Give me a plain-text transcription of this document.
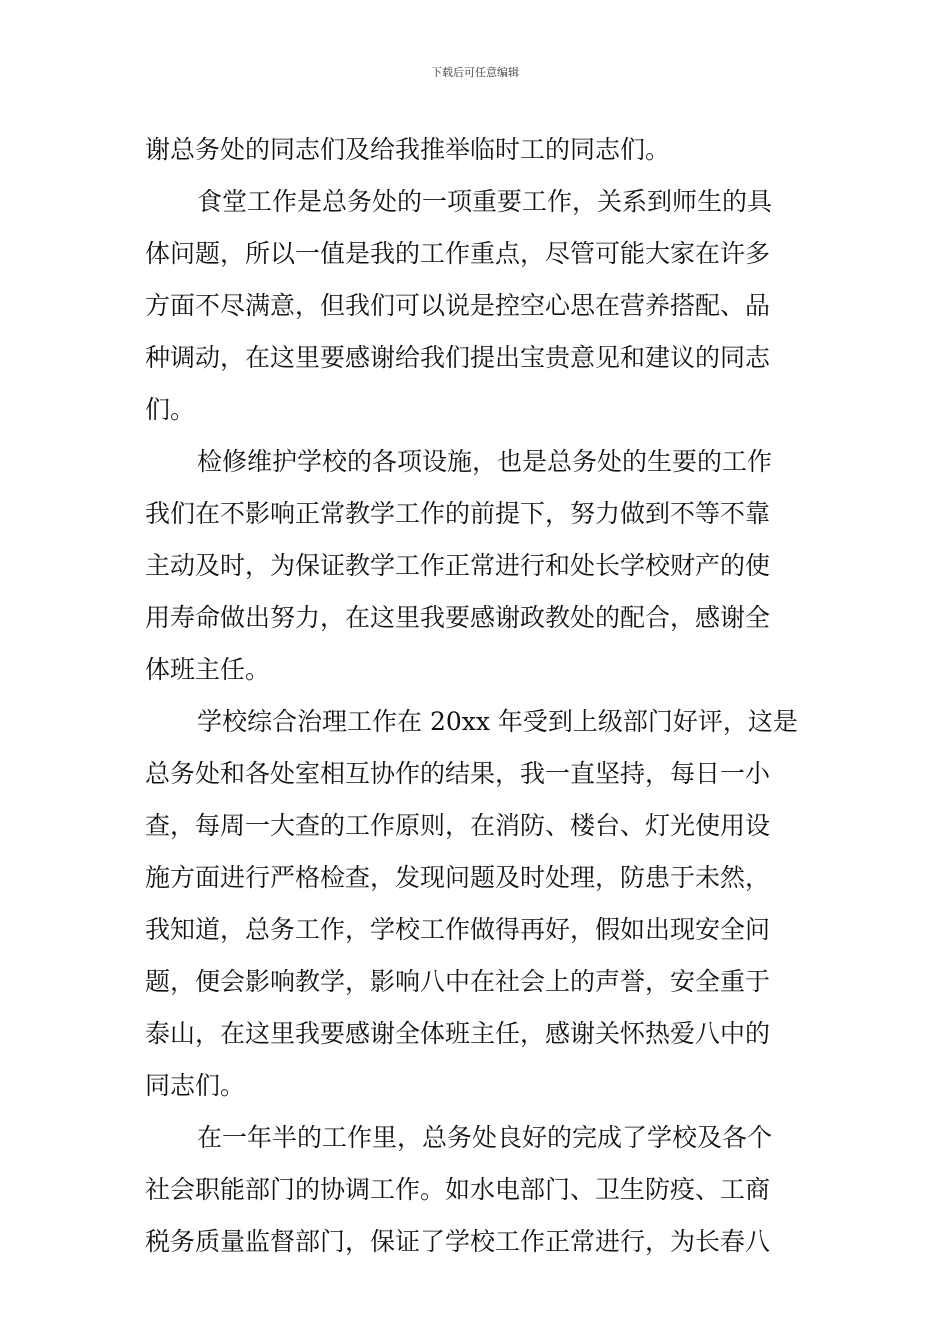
下载后可任意编辑
谢总务处的同志们及给我推举临时工的同志们。
食堂工作是总务处的一项重要工作，关系到师生的具
体问题，所以一值是我的工作重点，尽管可能大家在许多
方面不尽满意，但我们可以说是控空心思在营养搭配、品
种调动，在这里要感谢给我们提出宝贵意见和建议的同志
们。
检修维护学校的各项设施，也是总务处的生要的工作
我们在不影响正常教学工作的前提下，努力做到不等不靠
主动及时，为保证教学工作正常进行和处长学校财产的使
用寿命做出努力，在这里我要感谢政教处的配合，感谢全
体班主任。
学校综合治理工作在 20xx 年受到上级部门好评，这是
总务处和各处室相互协作的结果，我一直坚持，每日一小
查，每周一大查的工作原则，在消防、楼台、灯光使用设
施方面进行严格检查，发现问题及时处理，防患于未然，
我知道，总务工作，学校工作做得再好，假如出现安全问
题，便会影响教学，影响八中在社会上的声誉，安全重于
泰山，在这里我要感谢全体班主任，感谢关怀热爱八中的
同志们。
在一年半的工作里，总务处良好的完成了学校及各个
社会职能部门的协调工作。如水电部门、卫生防疫、工商
税务质量监督部门，保证了学校工作正常进行，为长春八
